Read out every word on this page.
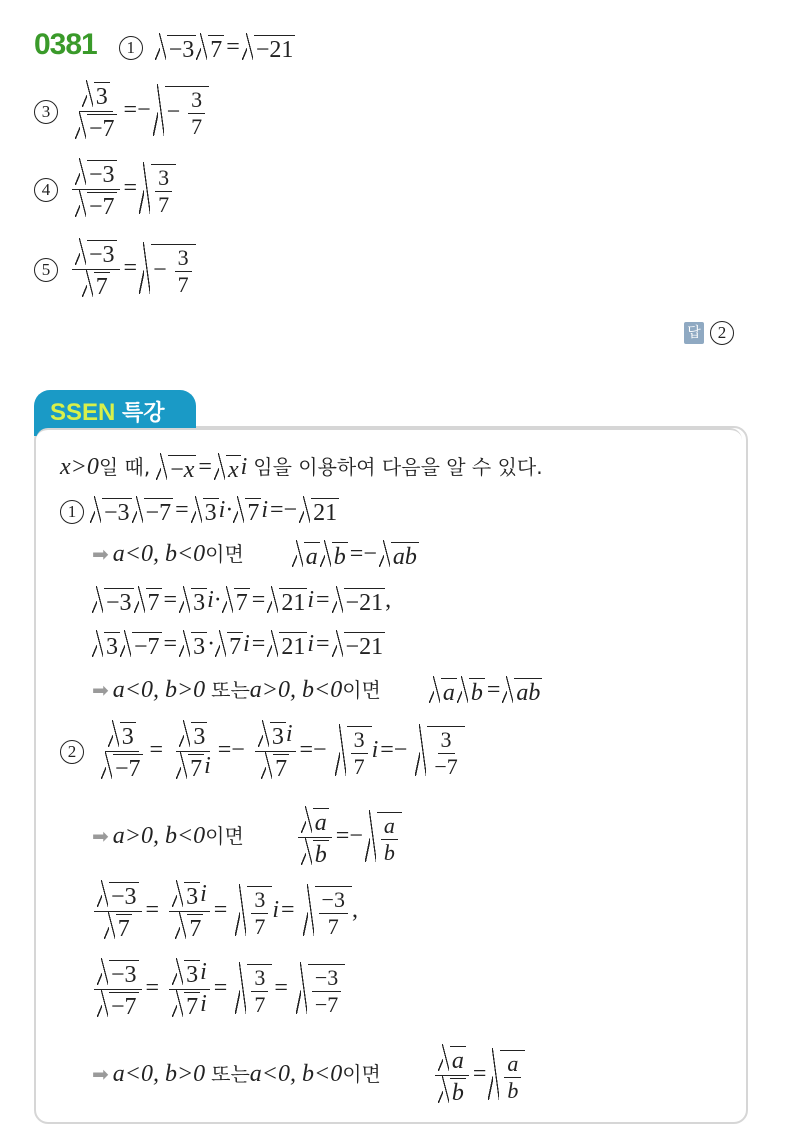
0381 1 −3 7 = −21
$3 \frac{3}{-7}$ =− − $\frac{3}{7}$
$4 \frac{-3}{-7} = \frac{3}{7}$
$5 \frac{-3}{7}$ = − $\frac{3}{7}$
답 2
SSEN 특강
x>0일 때, −x = xi 임을 이용하여 다음을 알 수 있다.
1 −3 −7 = 3i· 7i=− 21
➡ a<0, b<0이면	a b =− ab
−3 7 = 3i· 7 = 21i= −21,
3 −7 = 3· 7i= 21i= −21
➡ a<0, b>0 또는a>0, b<0이면	a b = ab
$2 \frac{3}{-7} = \frac{3}{7i} =- \frac{3i}{7} =- \frac{3}{7} i=- \frac{3}{-7}$
➡ a>0, b<0이면 $\frac{a}{b} =- \frac{a}{b}$
$\frac{-3}{7} = \frac{3i}{7} = \frac{3}{7} i= \frac{-3}{7}$ ,
$\frac{-3}{-7} = \frac{3i}{7i} = \frac{3}{7} = \frac{-3}{-7}$
➡ a<0, b>0 또는a<0, b<0이면 $\frac{a}{b} = \frac{a}{b}$
